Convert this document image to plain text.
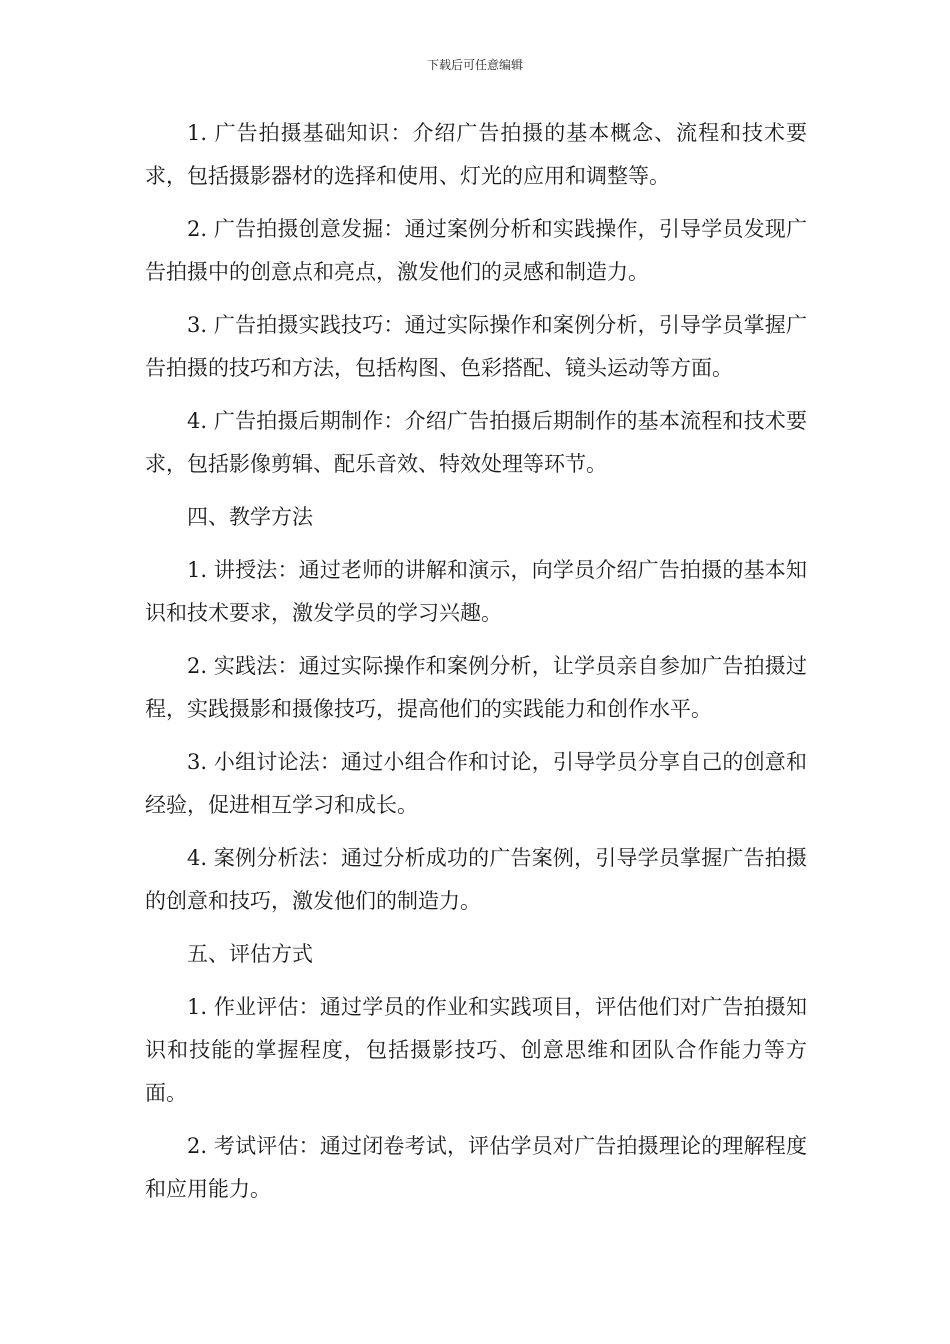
下载后可任意编辑

1. 广告拍摄基础知识：介绍广告拍摄的基本概念、流程和技术要求，包括摄影器材的选择和使用、灯光的应用和调整等。

2. 广告拍摄创意发掘：通过案例分析和实践操作，引导学员发现广告拍摄中的创意点和亮点，激发他们的灵感和制造力。

3. 广告拍摄实践技巧：通过实际操作和案例分析，引导学员掌握广告拍摄的技巧和方法，包括构图、色彩搭配、镜头运动等方面。

4. 广告拍摄后期制作：介绍广告拍摄后期制作的基本流程和技术要求，包括影像剪辑、配乐音效、特效处理等环节。

四、教学方法

1. 讲授法：通过老师的讲解和演示，向学员介绍广告拍摄的基本知识和技术要求，激发学员的学习兴趣。

2. 实践法：通过实际操作和案例分析，让学员亲自参加广告拍摄过程，实践摄影和摄像技巧，提高他们的实践能力和创作水平。

3. 小组讨论法：通过小组合作和讨论，引导学员分享自己的创意和经验，促进相互学习和成长。

4. 案例分析法：通过分析成功的广告案例，引导学员掌握广告拍摄的创意和技巧，激发他们的制造力。

五、评估方式

1. 作业评估：通过学员的作业和实践项目，评估他们对广告拍摄知识和技能的掌握程度，包括摄影技巧、创意思维和团队合作能力等方面。

2. 考试评估：通过闭卷考试，评估学员对广告拍摄理论的理解程度和应用能力。
